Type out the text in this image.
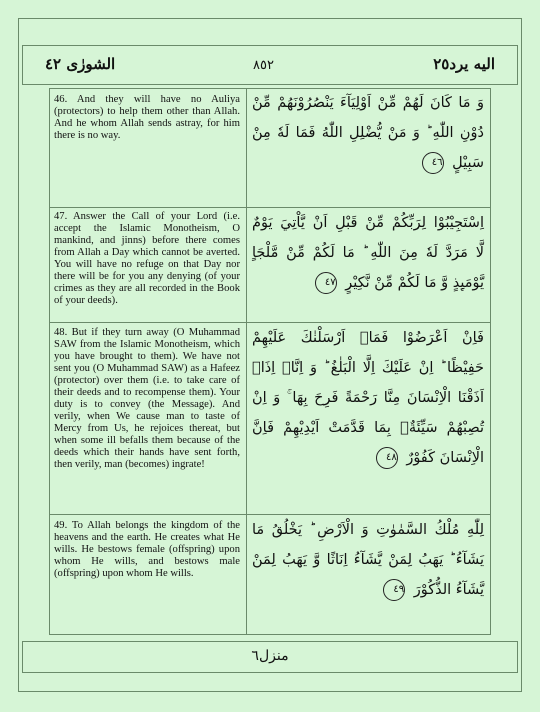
الشورٰى ٤٢	٨٥٢	اليه يرد٢٥
46. And they will have no Auliya (protectors) to help them other than Allah. And he whom Allah sends astray, for him there is no way.
وَ مَا كَانَ لَهُمْ مِّنْ اَوْلِيَآءَ يَنْصُرُوْنَهُمْ مِّنْ
دُوْنِ اللّٰهِ ؕ وَ مَنْ يُّضْلِلِ اللّٰهُ فَمَا لَهٗ مِنْ
سَبِيْلٍ ٤٦
47. Answer the Call of your Lord (i.e. accept the Islamic Monotheism, O mankind, and jinns) before there comes from Allah a Day which cannot be averted. You will have no refuge on that Day nor there will be for you any denying (of your crimes as they are all recorded in the Book of your deeds).
اِسْتَجِيْبُوْا لِرَبِّكُمْ مِّنْ قَبْلِ اَنْ يَّاْتِيَ يَوْمٌ
لَّا مَرَدَّ لَهٗ مِنَ اللّٰهِ ؕ مَا لَكُمْ مِّنْ مَّلْجَاٍ
يَّوْمَىِٕذٍ وَّ مَا لَكُمْ مِّنْ نَّكِيْرٍ ٤٧
48. But if they turn away (O Muhammad SAW from the Islamic Monotheism, which you have brought to them). We have not sent you (O Muhammad SAW) as a Hafeez (protector) over them (i.e. to take care of their deeds and to recompense them). Your duty is to convey (the Message). And verily, when We cause man to taste of Mercy from Us, he rejoices thereat, but when some ill befalls them because of the deeds which their hands have sent forth, then verily, man (becomes) ingrate!
فَاِنْ اَعْرَضُوْا فَمَاۤ اَرْسَلْنٰكَ عَلَيْهِمْ
حَفِيْظًا ؕ اِنْ عَلَيْكَ اِلَّا الْبَلٰغُ ؕ وَ اِنَّاۤ اِذَاۤ
اَذَقْنَا الْاِنْسَانَ مِنَّا رَحْمَةً فَرِحَ بِهَا ۚ وَ اِنْ
تُصِبْهُمْ سَيِّئَةٌۢ بِمَا قَدَّمَتْ اَيْدِيْهِمْ فَاِنَّ
الْاِنْسَانَ كَفُوْرٌ ٤٨
49. To Allah belongs the kingdom of the heavens and the earth. He creates what He wills. He bestows female (offspring) upon whom He wills, and bestows male (offspring) upon whom He wills.
لِلّٰهِ مُلْكُ السَّمٰوٰتِ وَ الْاَرْضِ ؕ يَخْلُقُ مَا
يَشَآءُ ؕ يَهَبُ لِمَنْ يَّشَآءُ اِنَاثًا وَّ يَهَبُ لِمَنْ
يَّشَآءُ الذُّكُوْرَ ٤٩
منزل٦
